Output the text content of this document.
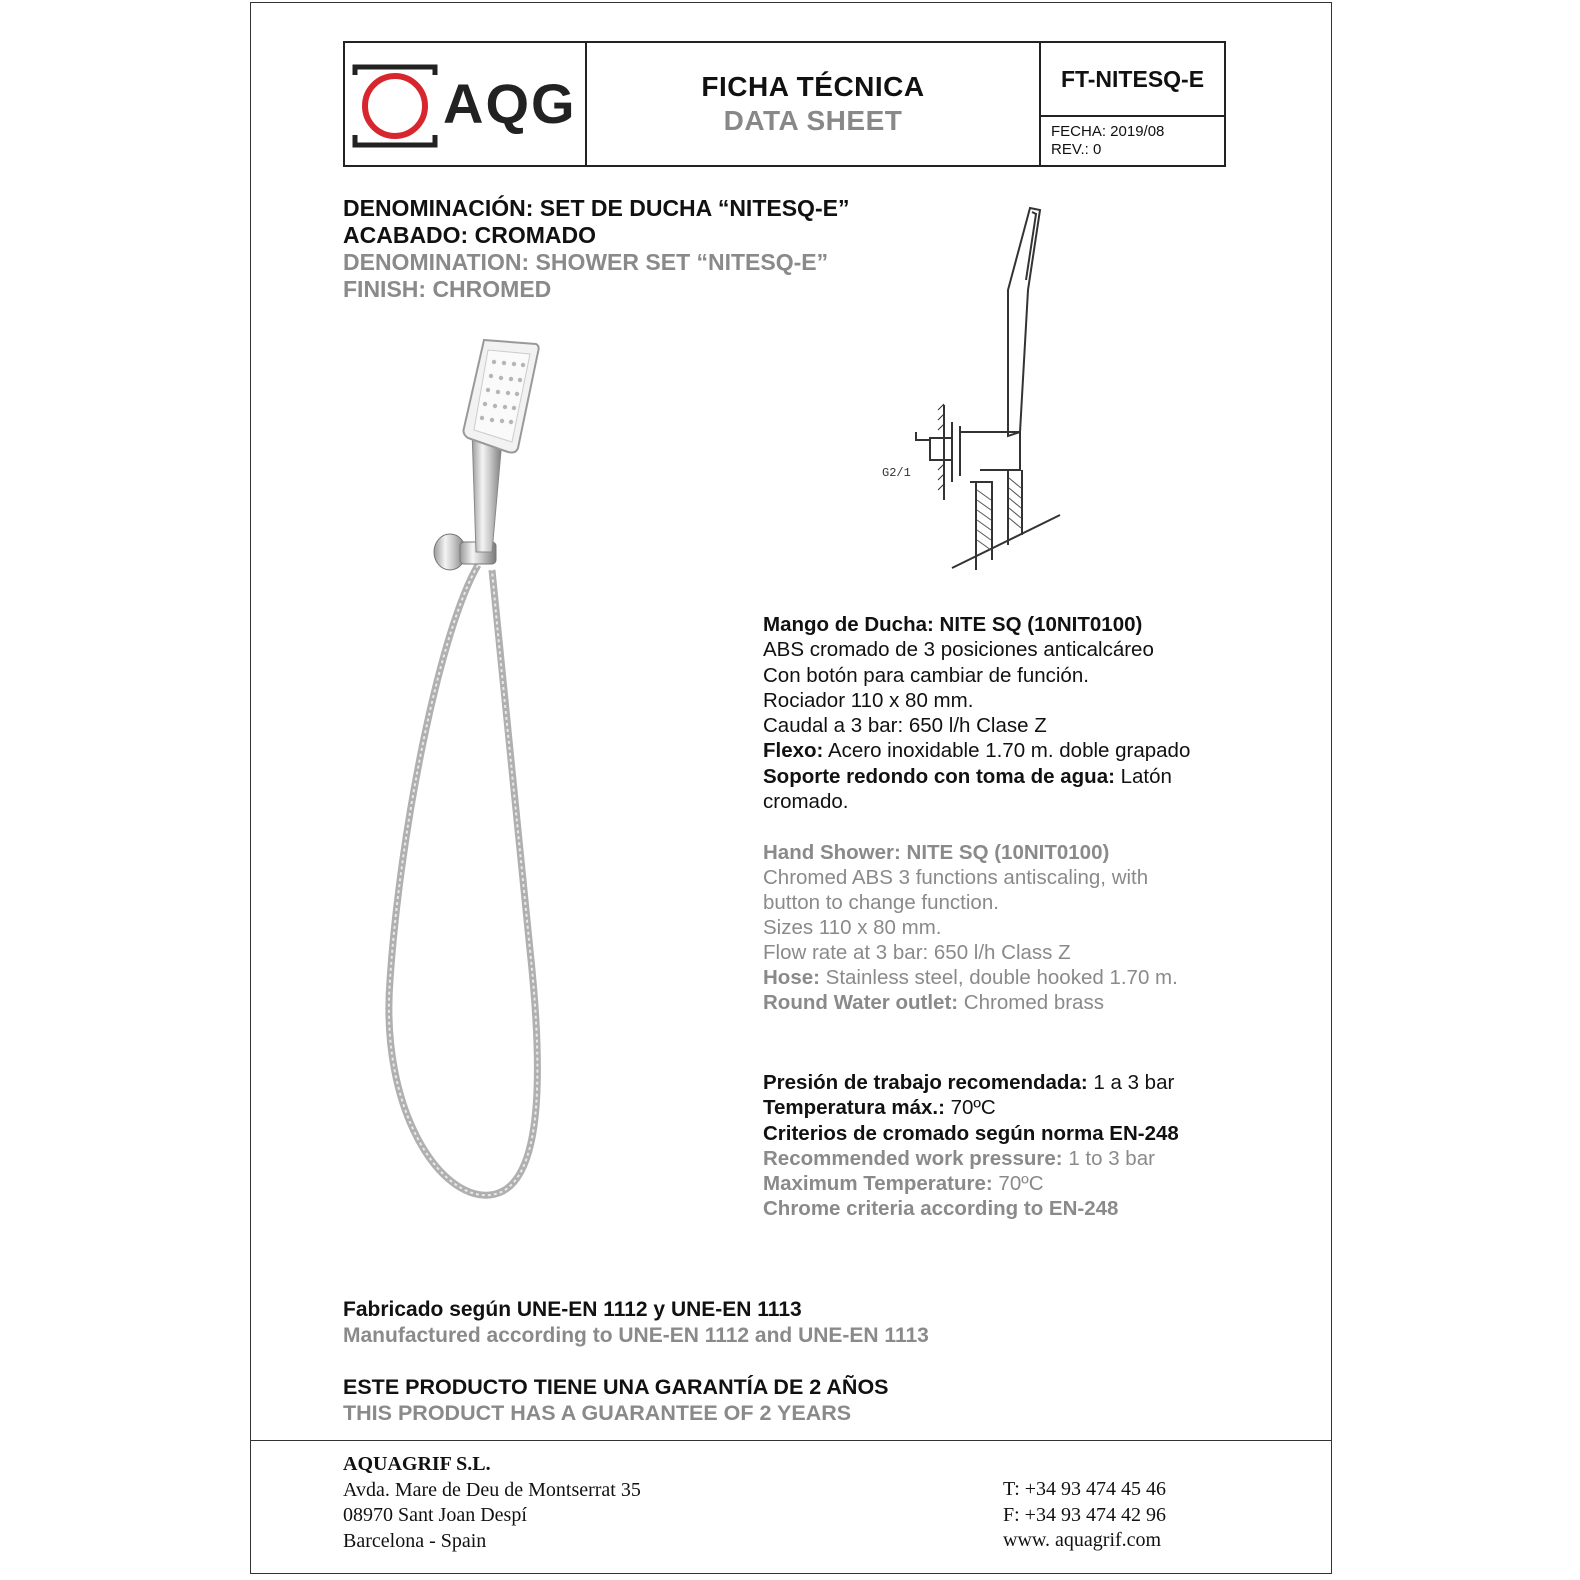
AQG	FICHA TÉCNICA
DATA SHEET
FT-NITESQ-E
FECHA: 2019/08
REV.: 0
DENOMINACIÓN: SET DE DUCHA “NITESQ-E”
ACABADO: CROMADO
DENOMINATION: SHOWER SET “NITESQ-E”
FINISH: CHROMED
G2/1
Mango de Ducha: NITE SQ (10NIT0100)
ABS cromado de 3 posiciones anticalcáreo
Con botón para cambiar de función.
Rociador 110 x 80 mm.
Caudal a 3 bar: 650 l/h Clase Z
Flexo: Acero inoxidable 1.70 m. doble grapado
Soporte redondo con toma de agua: Latón cromado.
Hand Shower: NITE SQ (10NIT0100)
Chromed ABS 3 functions antiscaling, with button to change function.
Sizes 110 x 80 mm.
Flow rate at 3 bar: 650 l/h Class Z
Hose: Stainless steel, double hooked 1.70 m.
Round Water outlet: Chromed brass
Presión de trabajo recomendada: 1 a 3 bar
Temperatura máx.: 70ºC
Criterios de cromado según norma EN-248
Recommended work pressure: 1 to 3 bar
Maximum Temperature: 70ºC
Chrome criteria according to EN-248
Fabricado según UNE-EN 1112 y UNE-EN 1113
Manufactured according to UNE-EN 1112 and UNE-EN 1113
ESTE PRODUCTO TIENE UNA GARANTÍA DE 2 AÑOS
THIS PRODUCT HAS A GUARANTEE OF 2 YEARS
AQUAGRIF S.L.
Avda. Mare de Deu de Montserrat 35
08970 Sant Joan Despí
Barcelona - Spain
T: +34 93 474 45 46
F: +34 93 474 42 96
www. aquagrif.com
